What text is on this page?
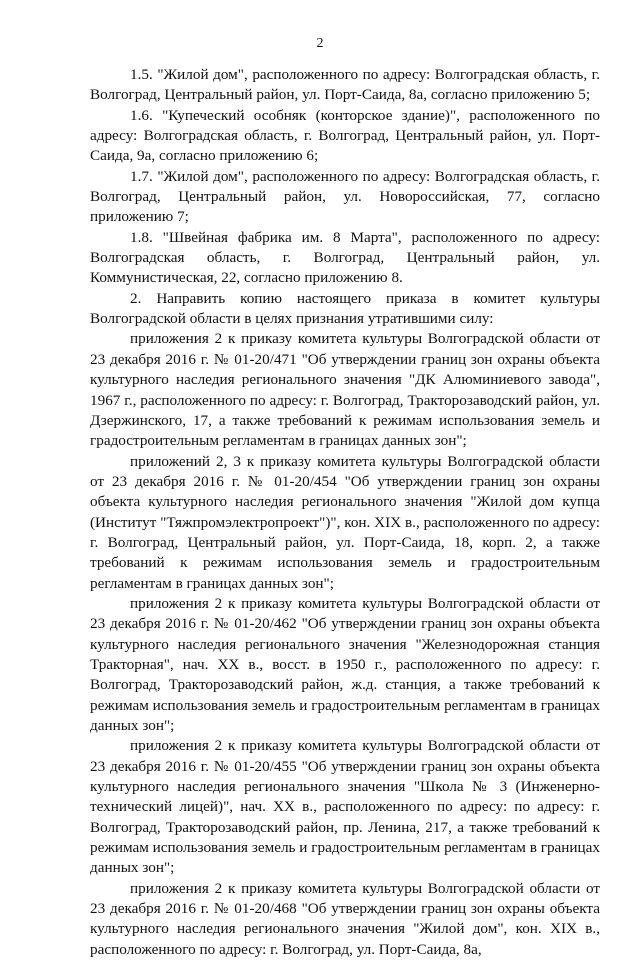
2

1.5. "Жилой дом", расположенного по адресу: Волгоградская область, г. Волгоград, Центральный район, ул. Порт-Саида, 8а, согласно приложению 5;

1.6. "Купеческий особняк (конторское здание)", расположенного по адресу: Волгоградская область, г. Волгоград, Центральный район, ул. Порт-Саида, 9а, согласно приложению 6;

1.7. "Жилой дом", расположенного по адресу: Волгоградская область, г. Волгоград, Центральный район, ул. Новороссийская, 77, согласно приложению 7;

1.8. "Швейная фабрика им. 8 Марта", расположенного по адресу: Волгоградская область, г. Волгоград, Центральный район, ул. Коммунистическая, 22, согласно приложению 8.

2. Направить копию настоящего приказа в комитет культуры Волгоградской области в целях признания утратившими силу:

приложения 2 к приказу комитета культуры Волгоградской области от 23 декабря 2016 г. № 01-20/471 "Об утверждении границ зон охраны объекта культурного наследия регионального значения "ДК Алюминиевого завода", 1967 г., расположенного по адресу: г. Волгоград, Тракторозаводский район, ул. Дзержинского, 17, а также требований к режимам использования земель и градостроительным регламентам в границах данных зон";

приложений 2, 3 к приказу комитета культуры Волгоградской области от 23 декабря 2016 г. № 01-20/454 "Об утверждении границ зон охраны объекта культурного наследия регионального значения "Жилой дом купца (Институт "Тяжпромэлектропроект")", кон. XIX в., расположенного по адресу: г. Волгоград, Центральный район, ул. Порт-Саида, 18, корп. 2, а также требований к режимам использования земель и градостроительным регламентам в границах данных зон";

приложения 2 к приказу комитета культуры Волгоградской области от 23 декабря 2016 г. № 01-20/462 "Об утверждении границ зон охраны объекта культурного наследия регионального значения "Железнодорожная станция Тракторная", нач. XX в., восст. в 1950 г., расположенного по адресу: г. Волгоград, Тракторозаводский район, ж.д. станция, а также требований к режимам использования земель и градостроительным регламентам в границах данных зон";

приложения 2 к приказу комитета культуры Волгоградской области от 23 декабря 2016 г. № 01-20/455 "Об утверждении границ зон охраны объекта культурного наследия регионального значения "Школа № 3 (Инженерно-технический лицей)", нач. XX в., расположенного по адресу: по адресу: г. Волгоград, Тракторозаводский район, пр. Ленина, 217, а также требований к режимам использования земель и градостроительным регламентам в границах данных зон";

приложения 2 к приказу комитета культуры Волгоградской области от 23 декабря 2016 г. № 01-20/468 "Об утверждении границ зон охраны объекта культурного наследия регионального значения "Жилой дом", кон. XIX в., расположенного по адресу: г. Волгоград, ул. Порт-Саида, 8а,
